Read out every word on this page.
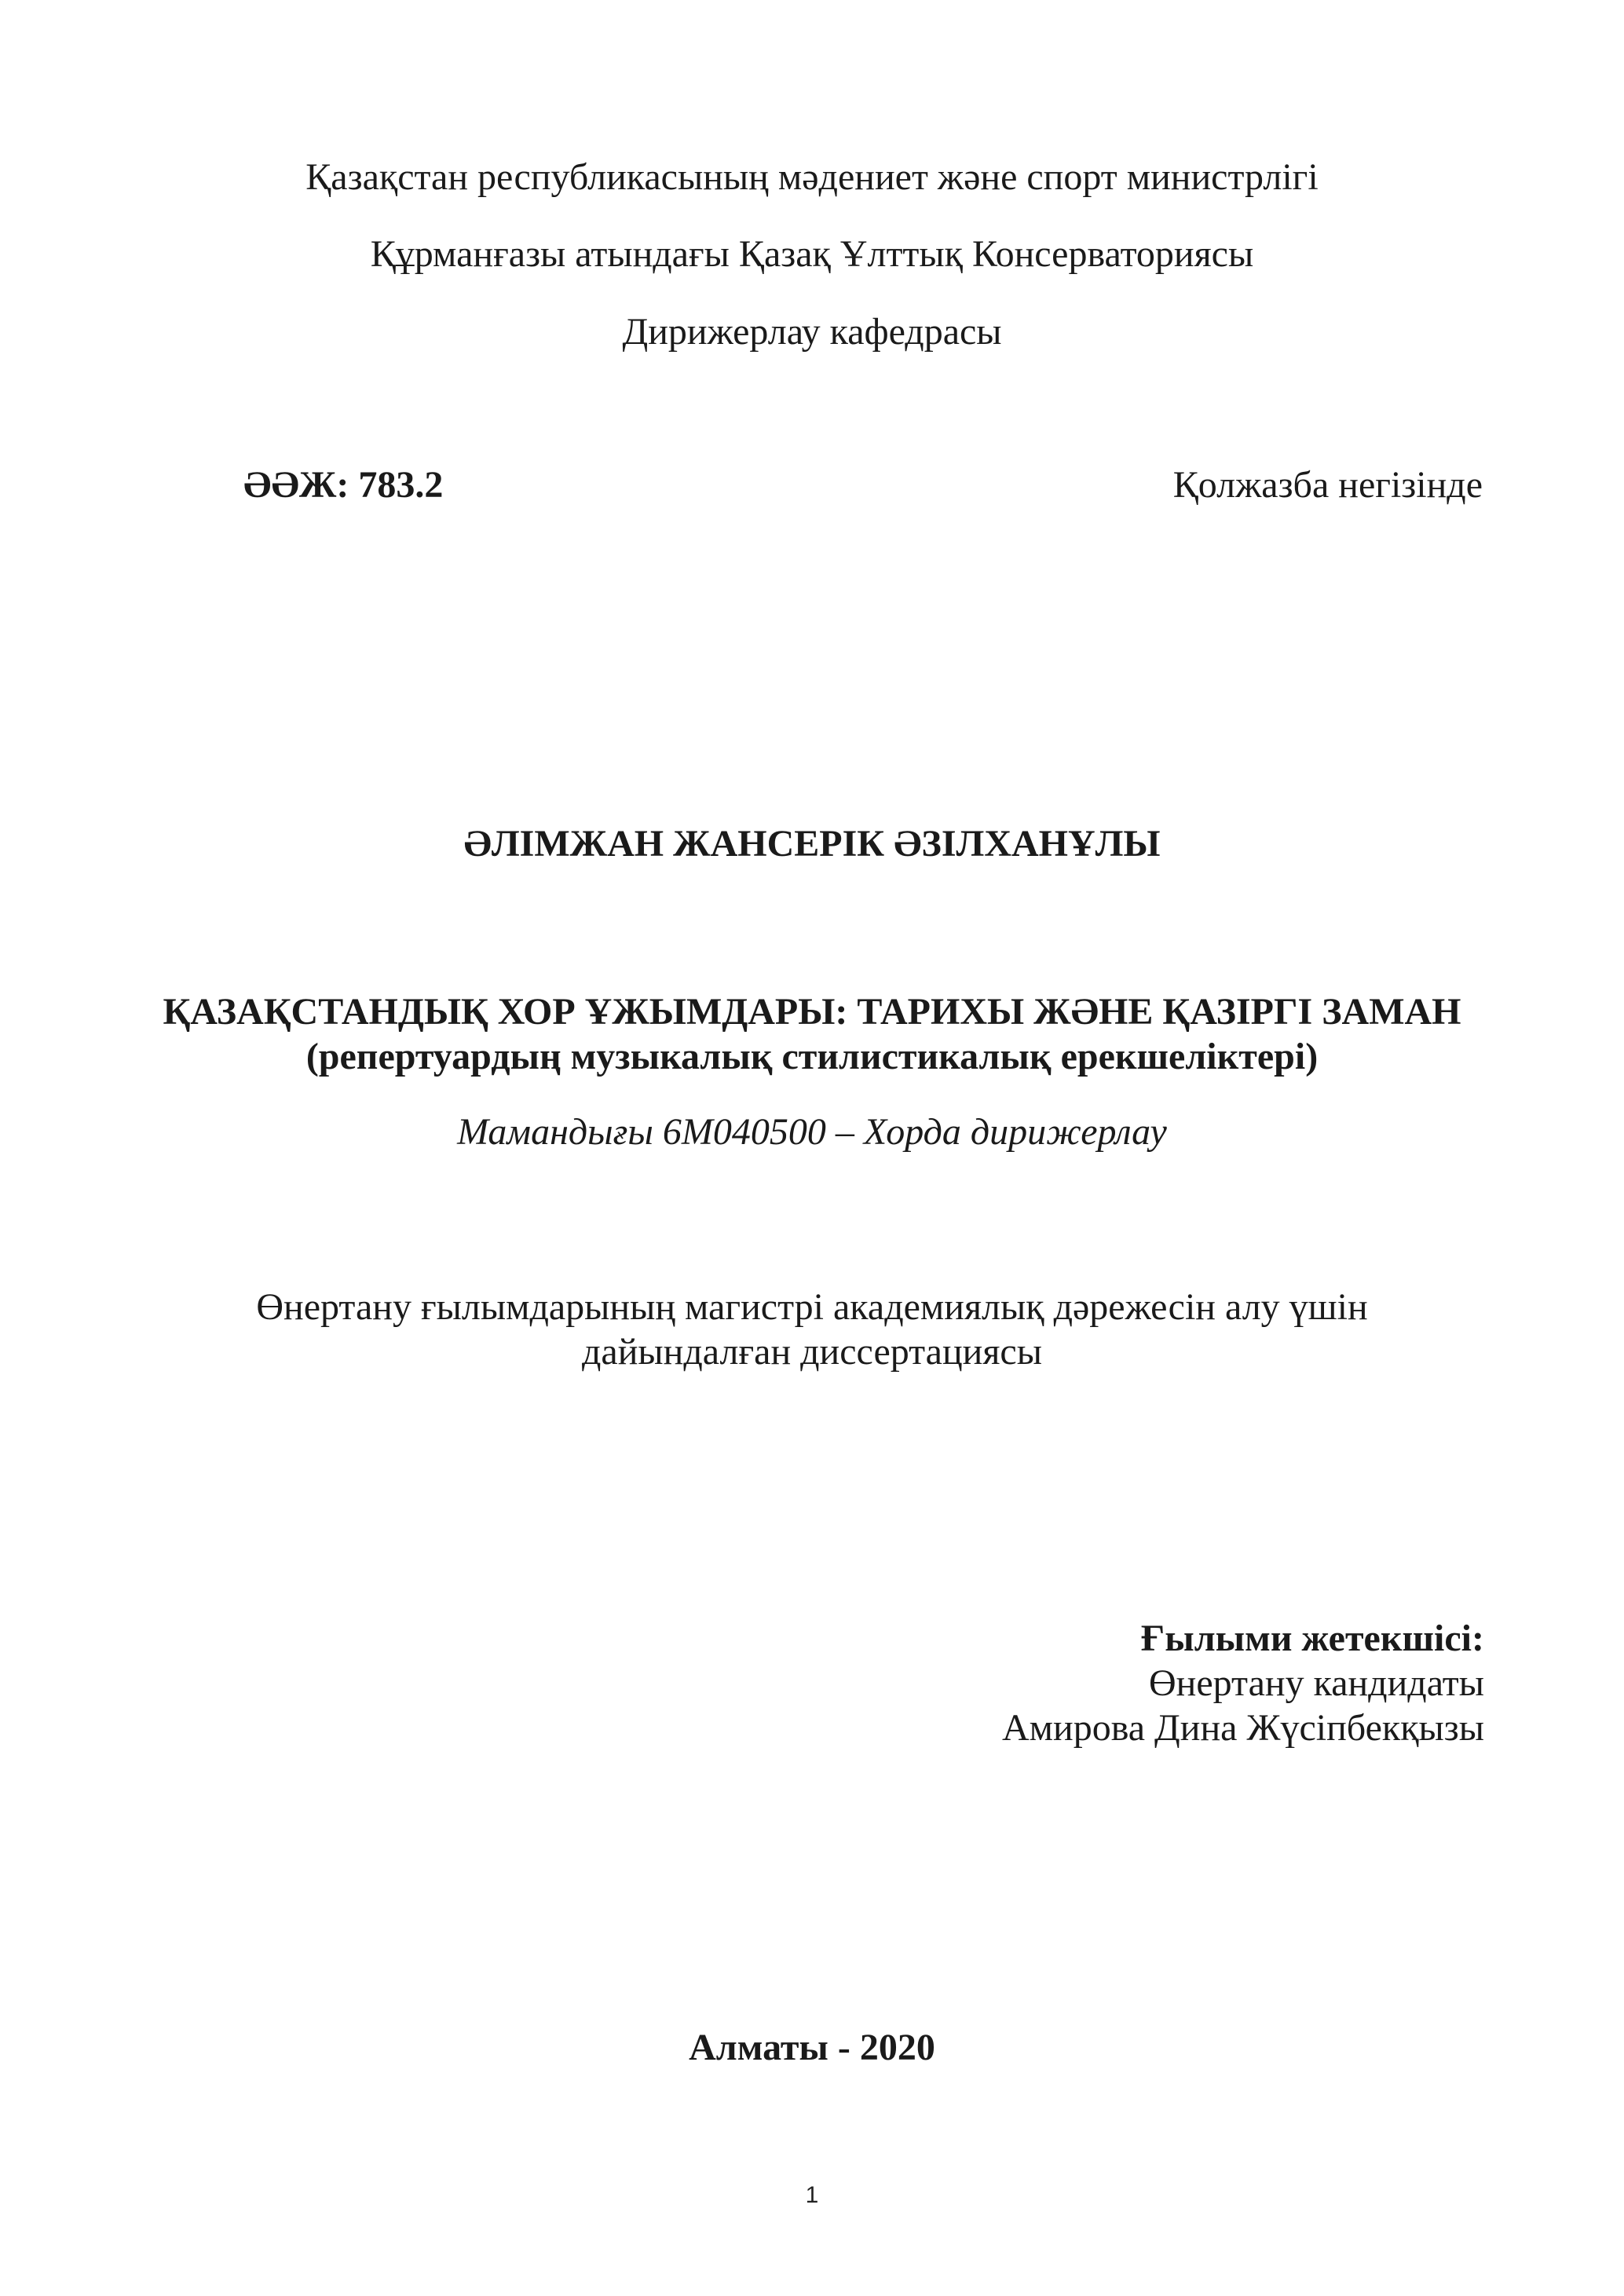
Қазақстан республикасының мәдениет және спорт министрлігі
Құрманғазы атындағы Қазақ Ұлттық Консерваториясы
Дирижерлау кафедрасы
ӘӘЖ: 783.2	Қолжазба негізінде
ӘЛІМЖАН ЖАНСЕРІК ӘЗІЛХАНҰЛЫ
ҚАЗАҚСТАНДЫҚ ХОР ҰЖЫМДАРЫ: ТАРИХЫ ЖӘНЕ ҚАЗІРГІ ЗАМАН
(репертуардың музыкалық стилистикалық ерекшеліктері)
Мамандығы 6М040500 – Хорда дирижерлау
Өнертану ғылымдарының магистрі академиялық дәрежесін алу үшін
дайындалған диссертациясы
Ғылыми жетекшісі:
Өнертану кандидаты
Амирова Дина Жүсіпбекқызы
Алматы - 2020
1
